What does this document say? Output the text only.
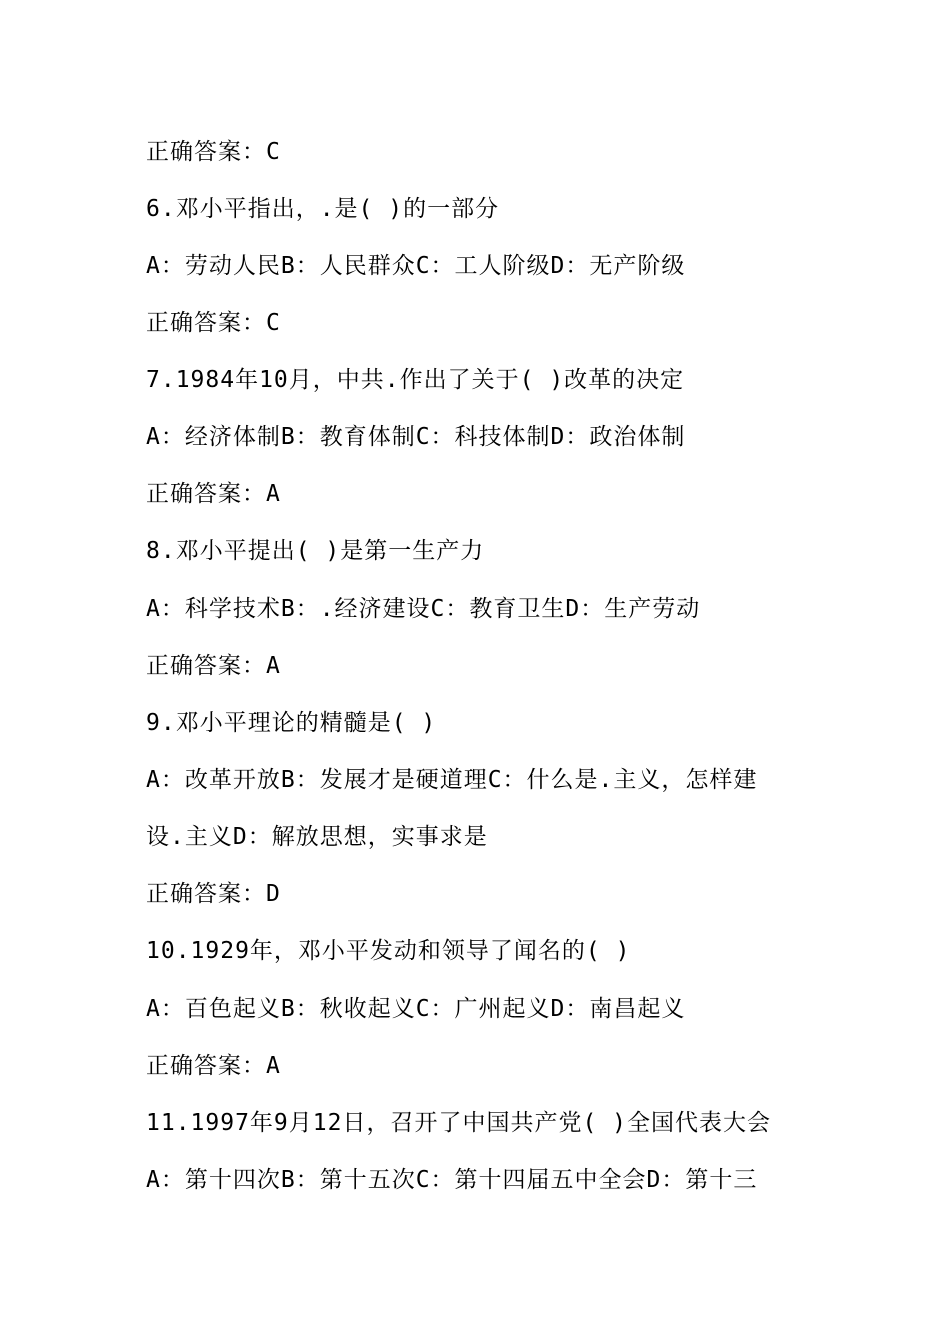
正确答案：C
6.邓小平指出，.是( )的一部分
A：劳动人民B：人民群众C：工人阶级D：无产阶级
正确答案：C
7.1984年10月，中共.作出了关于( )改革的决定
A：经济体制B：教育体制C：科技体制D：政治体制
正确答案：A
8.邓小平提出( )是第一生产力
A：科学技术B：.经济建设C：教育卫生D：生产劳动
正确答案：A
9.邓小平理论的精髓是( )
A：改革开放B：发展才是硬道理C：什么是.主义，怎样建
设.主义D：解放思想，实事求是
正确答案：D
10.1929年，邓小平发动和领导了闻名的( )
A：百色起义B：秋收起义C：广州起义D：南昌起义
正确答案：A
11.1997年9月12日，召开了中国共产党( )全国代表大会
A：第十四次B：第十五次C：第十四届五中全会D：第十三
